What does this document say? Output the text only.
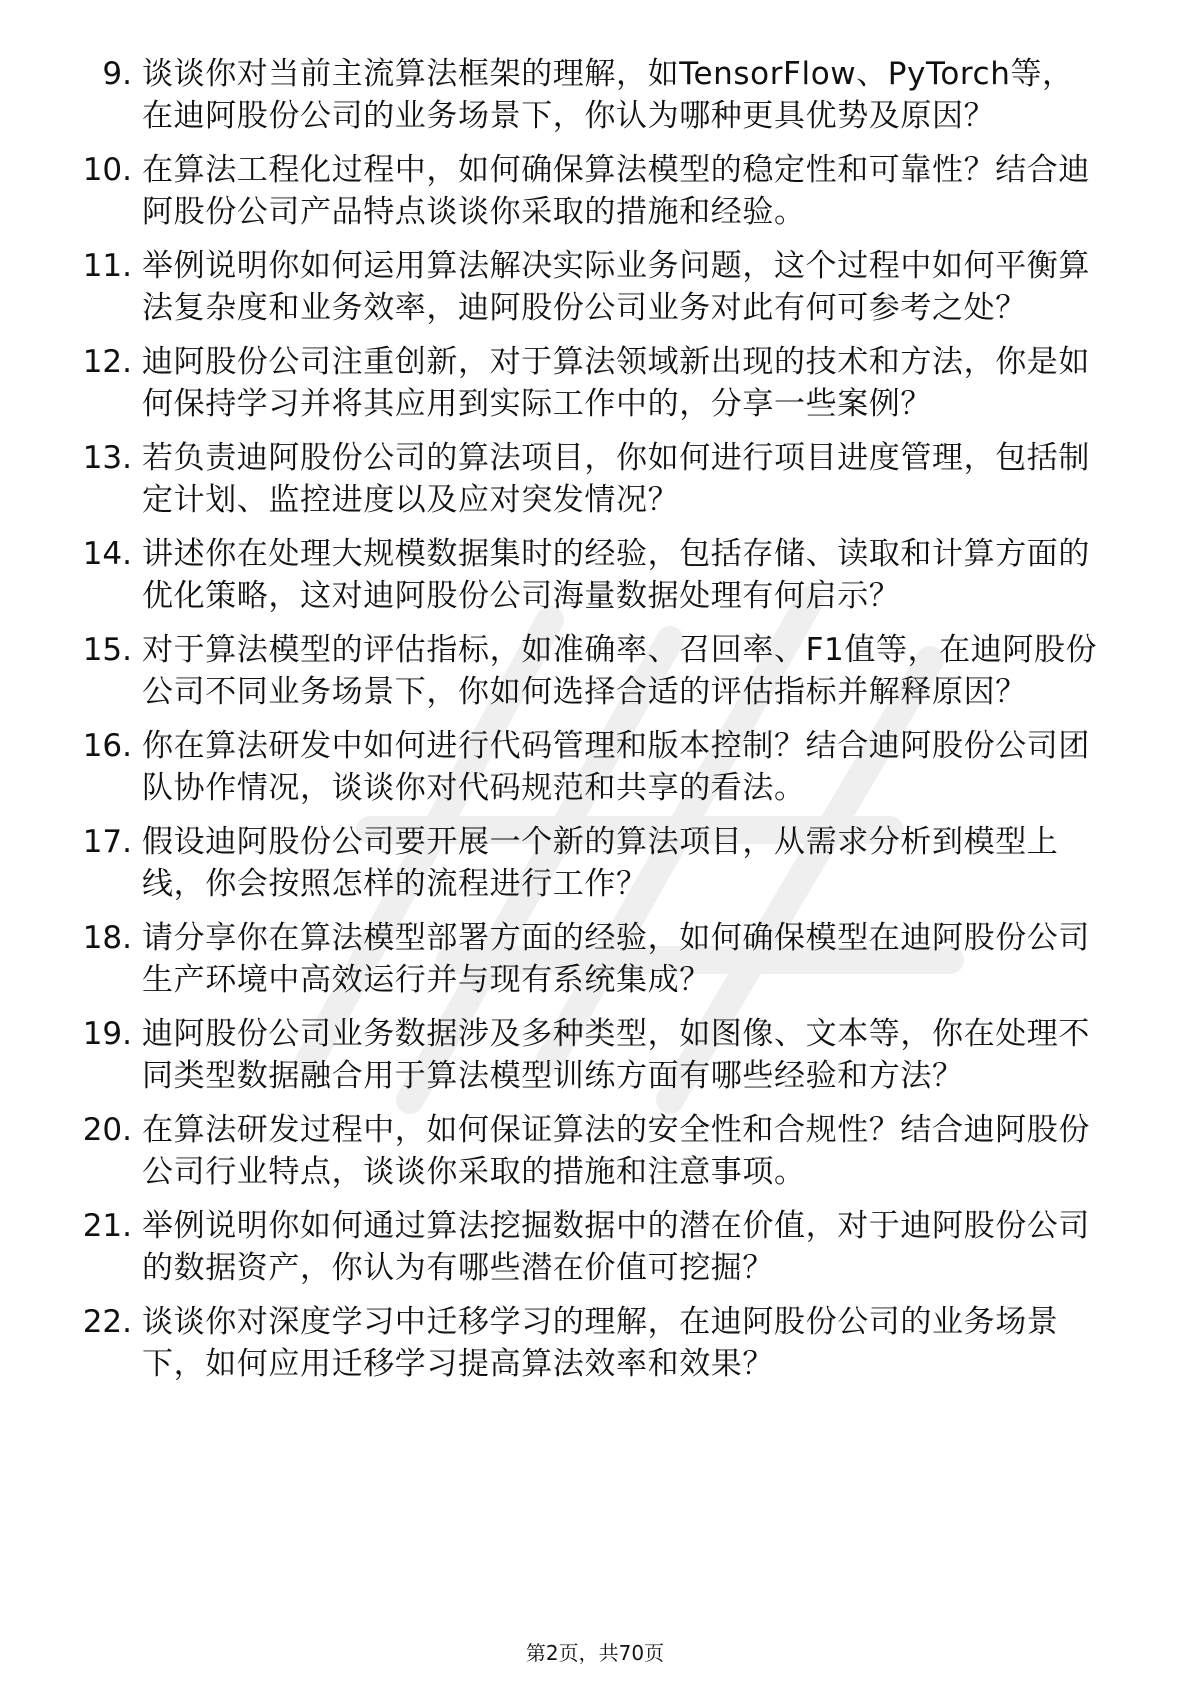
9. 谈谈你对当前主流算法框架的理解，如TensorFlow、PyTorch等，在迪阿股份公司的业务场景下，你认为哪种更具优势及原因？
10. 在算法工程化过程中，如何确保算法模型的稳定性和可靠性？结合迪阿股份公司产品特点谈谈你采取的措施和经验。
11. 举例说明你如何运用算法解决实际业务问题，这个过程中如何平衡算法复杂度和业务效率，迪阿股份公司业务对此有何可参考之处？
12. 迪阿股份公司注重创新，对于算法领域新出现的技术和方法，你是如何保持学习并将其应用到实际工作中的，分享一些案例？
13. 若负责迪阿股份公司的算法项目，你如何进行项目进度管理，包括制定计划、监控进度以及应对突发情况？
14. 讲述你在处理大规模数据集时的经验，包括存储、读取和计算方面的优化策略，这对迪阿股份公司海量数据处理有何启示？
15. 对于算法模型的评估指标，如准确率、召回率、F1值等，在迪阿股份公司不同业务场景下，你如何选择合适的评估指标并解释原因？
16. 你在算法研发中如何进行代码管理和版本控制？结合迪阿股份公司团队协作情况，谈谈你对代码规范和共享的看法。
17. 假设迪阿股份公司要开展一个新的算法项目，从需求分析到模型上线，你会按照怎样的流程进行工作？
18. 请分享你在算法模型部署方面的经验，如何确保模型在迪阿股份公司生产环境中高效运行并与现有系统集成？
19. 迪阿股份公司业务数据涉及多种类型，如图像、文本等，你在处理不同类型数据融合用于算法模型训练方面有哪些经验和方法？
20. 在算法研发过程中，如何保证算法的安全性和合规性？结合迪阿股份公司行业特点，谈谈你采取的措施和注意事项。
21. 举例说明你如何通过算法挖掘数据中的潜在价值，对于迪阿股份公司的数据资产，你认为有哪些潜在价值可挖掘？
22. 谈谈你对深度学习中迁移学习的理解，在迪阿股份公司的业务场景下，如何应用迁移学习提高算法效率和效果？
第2页，共70页
